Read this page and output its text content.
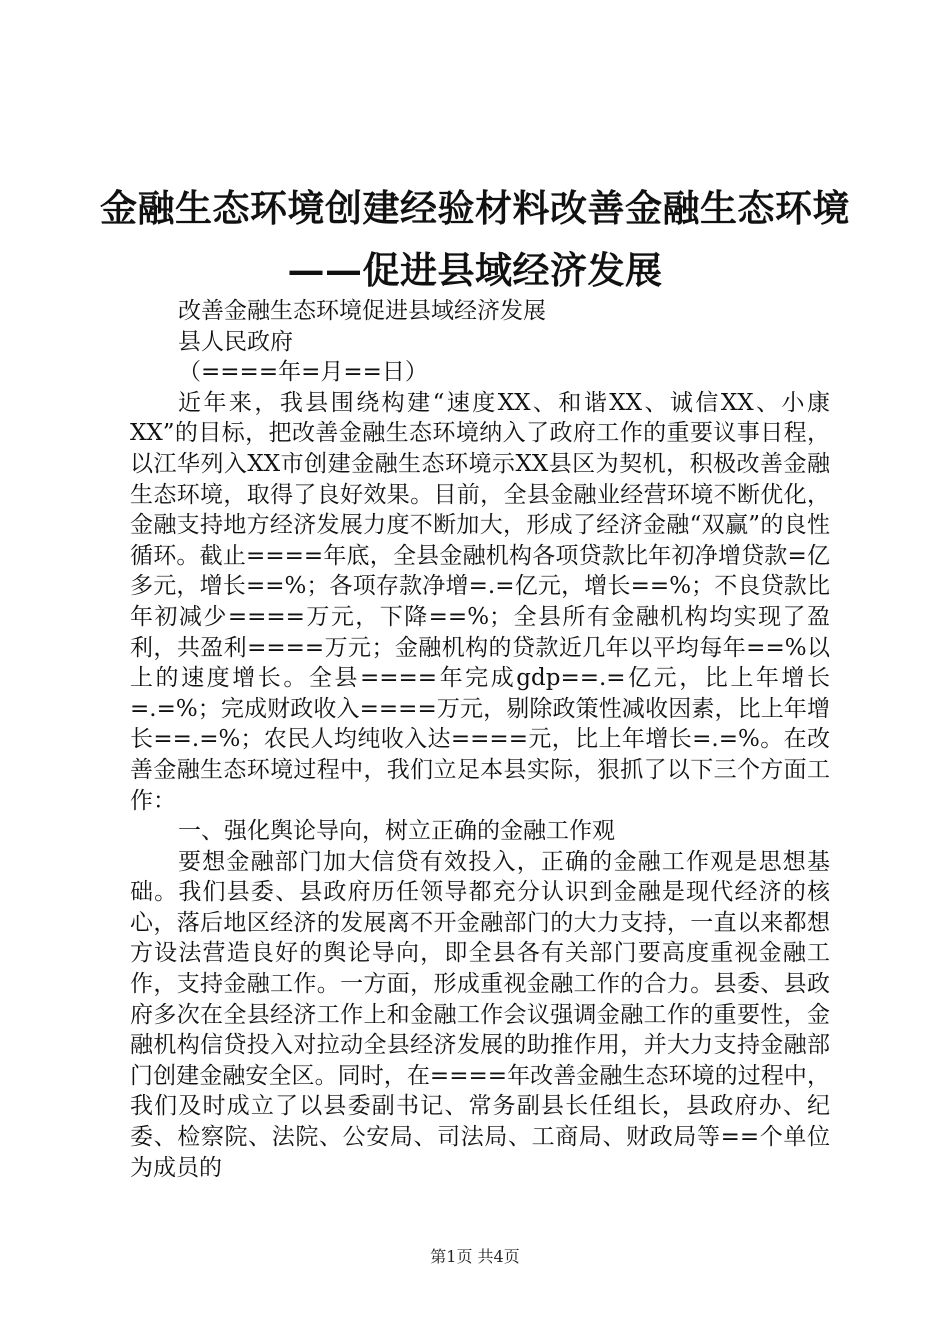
金融生态环境创建经验材料改善金融生态环境
——促进县域经济发展

改善金融生态环境促进县域经济发展

县人民政府

（====年=月==日）

近年来，我县围绕构建“速度XX、和谐XX、诚信XX、小康XX”的目标，把改善金融生态环境纳入了政府工作的重要议事日程，以江华列入XX市创建金融生态环境示XX县区为契机，积极改善金融生态环境，取得了良好效果。目前，全县金融业经营环境不断优化，金融支持地方经济发展力度不断加大，形成了经济金融“双赢”的良性循环。截止====年底，全县金融机构各项贷款比年初净增贷款=亿多元，增长==%；各项存款净增=.=亿元，增长==%；不良贷款比年初减少====万元，下降==%；全县所有金融机构均实现了盈利，共盈利====万元；金融机构的贷款近几年以平均每年==%以上的速度增长。全县====年完成gdp==.=亿元，比上年增长=.=%；完成财政收入====万元，剔除政策性减收因素，比上年增长==.=%；农民人均纯收入达====元，比上年增长=.=%。在改善金融生态环境过程中，我们立足本县实际，狠抓了以下三个方面工作：

一、强化舆论导向，树立正确的金融工作观

要想金融部门加大信贷有效投入，正确的金融工作观是思想基础。我们县委、县政府历任领导都充分认识到金融是现代经济的核心，落后地区经济的发展离不开金融部门的大力支持，一直以来都想方设法营造良好的舆论导向，即全县各有关部门要高度重视金融工作，支持金融工作。一方面，形成重视金融工作的合力。县委、县政府多次在全县经济工作上和金融工作会议强调金融工作的重要性，金融机构信贷投入对拉动全县经济发展的助推作用，并大力支持金融部门创建金融安全区。同时，在====年改善金融生态环境的过程中，我们及时成立了以县委副书记、常务副县长任组长，县政府办、纪委、检察院、法院、公安局、司法局、工商局、财政局等==个单位为成员的

第1页 共4页
